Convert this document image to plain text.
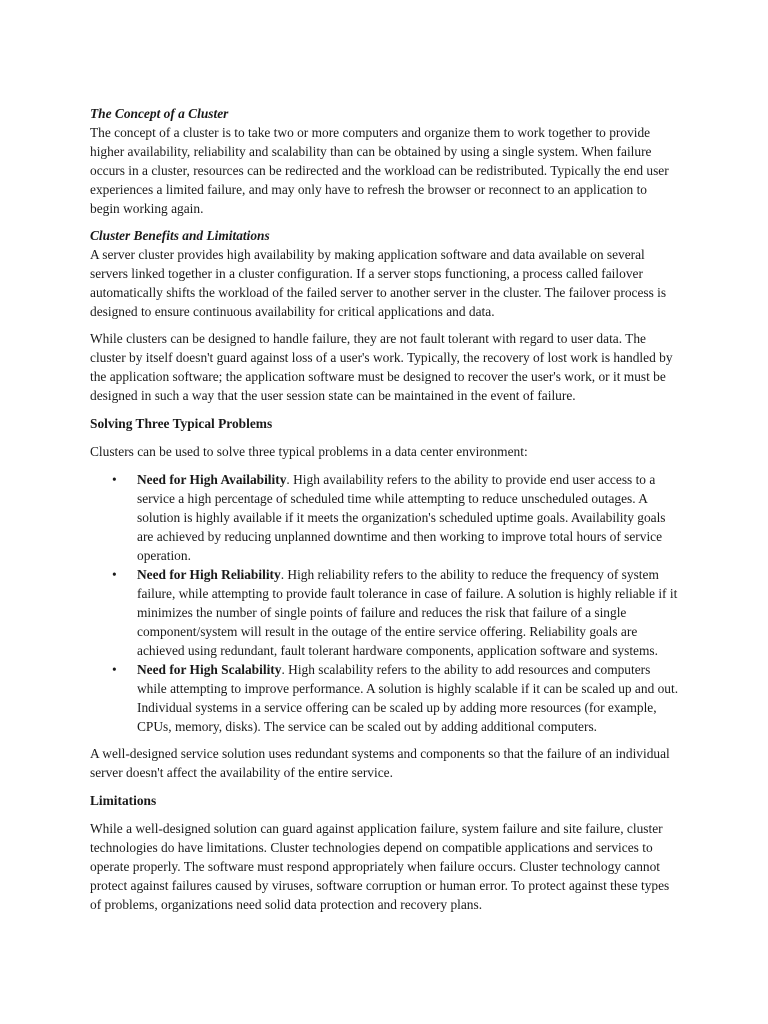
The Concept of a Cluster

The concept of a cluster is to take two or more computers and organize them to work together to provide higher availability, reliability and scalability than can be obtained by using a single system. When failure occurs in a cluster, resources can be redirected and the workload can be redistributed. Typically the end user experiences a limited failure, and may only have to refresh the browser or reconnect to an application to begin working again.

Cluster Benefits and Limitations

A server cluster provides high availability by making application software and data available on several servers linked together in a cluster configuration. If a server stops functioning, a process called failover automatically shifts the workload of the failed server to another server in the cluster. The failover process is designed to ensure continuous availability for critical applications and data.

While clusters can be designed to handle failure, they are not fault tolerant with regard to user data. The cluster by itself doesn't guard against loss of a user's work. Typically, the recovery of lost work is handled by the application software; the application software must be designed to recover the user's work, or it must be designed in such a way that the user session state can be maintained in the event of failure.

Solving Three Typical Problems

Clusters can be used to solve three typical problems in a data center environment:

• Need for High Availability. High availability refers to the ability to provide end user access to a service a high percentage of scheduled time while attempting to reduce unscheduled outages. A solution is highly available if it meets the organization's scheduled uptime goals. Availability goals are achieved by reducing unplanned downtime and then working to improve total hours of service operation.
• Need for High Reliability. High reliability refers to the ability to reduce the frequency of system failure, while attempting to provide fault tolerance in case of failure. A solution is highly reliable if it minimizes the number of single points of failure and reduces the risk that failure of a single component/system will result in the outage of the entire service offering. Reliability goals are achieved using redundant, fault tolerant hardware components, application software and systems.
• Need for High Scalability. High scalability refers to the ability to add resources and computers while attempting to improve performance. A solution is highly scalable if it can be scaled up and out. Individual systems in a service offering can be scaled up by adding more resources (for example, CPUs, memory, disks). The service can be scaled out by adding additional computers.

A well-designed service solution uses redundant systems and components so that the failure of an individual server doesn't affect the availability of the entire service.

Limitations

While a well-designed solution can guard against application failure, system failure and site failure, cluster technologies do have limitations. Cluster technologies depend on compatible applications and services to operate properly. The software must respond appropriately when failure occurs. Cluster technology cannot protect against failures caused by viruses, software corruption or human error. To protect against these types of problems, organizations need solid data protection and recovery plans.
